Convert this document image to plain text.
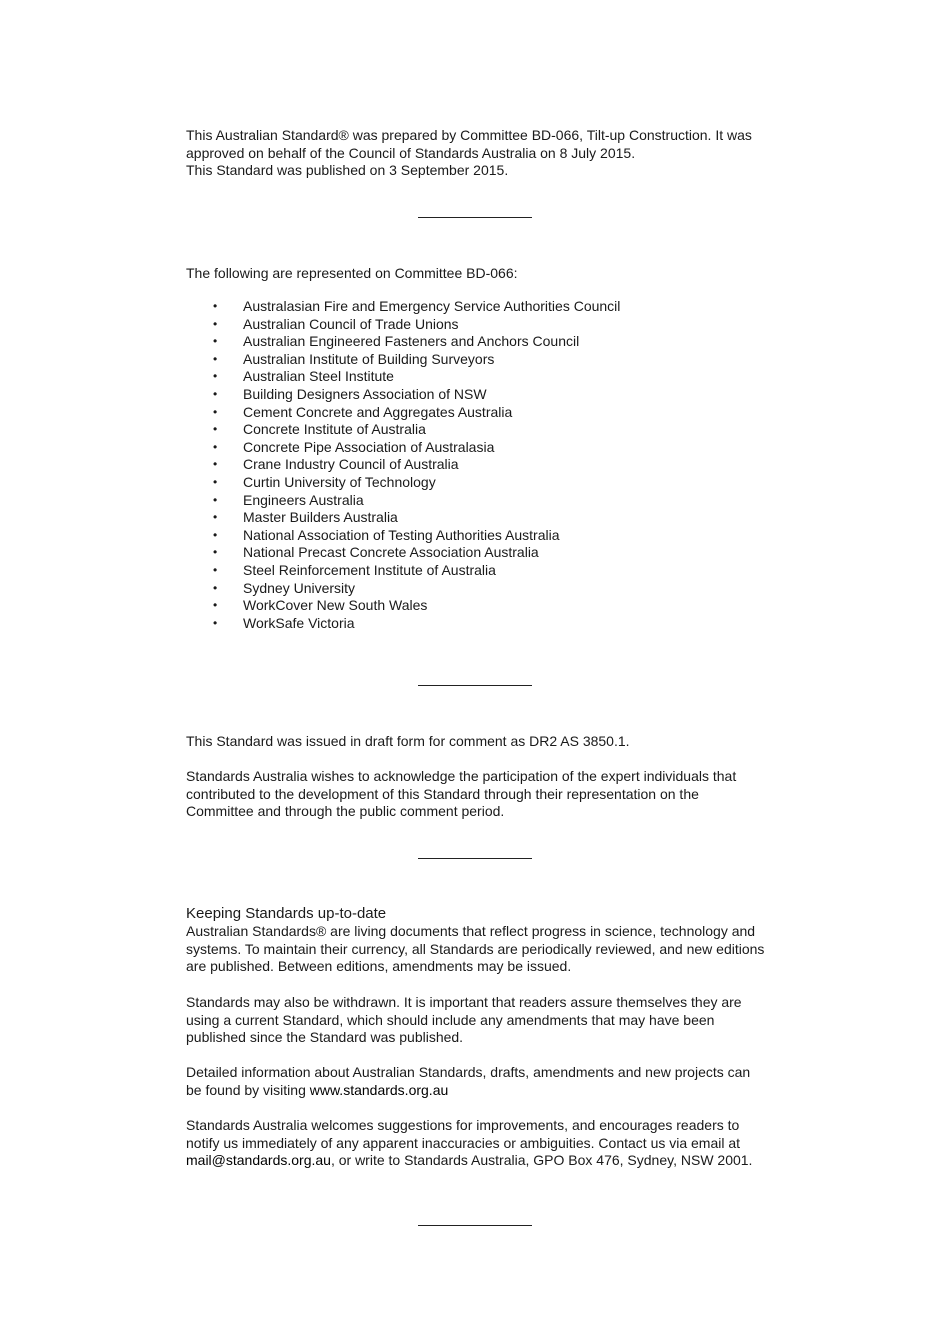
This Australian Standard® was prepared by Committee BD-066, Tilt-up Construction. It was

approved on behalf of the Council of Standards Australia on 8 July 2015.

This Standard was published on 3 September 2015.

The following are represented on Committee BD-066:

• Australasian Fire and Emergency Service Authorities Council
• Australian Council of Trade Unions
• Australian Engineered Fasteners and Anchors Council
• Australian Institute of Building Surveyors
• Australian Steel Institute
• Building Designers Association of NSW
• Cement Concrete and Aggregates Australia
• Concrete Institute of Australia
• Concrete Pipe Association of Australasia
• Crane Industry Council of Australia
• Curtin University of Technology
• Engineers Australia
• Master Builders Australia
• National Association of Testing Authorities Australia
• National Precast Concrete Association Australia
• Steel Reinforcement Institute of Australia
• Sydney University
• WorkCover New South Wales
• WorkSafe Victoria

This Standard was issued in draft form for comment as DR2 AS 3850.1.

Standards Australia wishes to acknowledge the participation of the expert individuals that

contributed to the development of this Standard through their representation on the

Committee and through the public comment period.

Keeping Standards up-to-date

Australian Standards® are living documents that reflect progress in science, technology and

systems. To maintain their currency, all Standards are periodically reviewed, and new editions

are published. Between editions, amendments may be issued.

Standards may also be withdrawn. It is important that readers assure themselves they are

using a current Standard, which should include any amendments that may have been

published since the Standard was published.

Detailed information about Australian Standards, drafts, amendments and new projects can

be found by visiting www.standards.org.au

Standards Australia welcomes suggestions for improvements, and encourages readers to

notify us immediately of any apparent inaccuracies or ambiguities. Contact us via email at

mail@standards.org.au, or write to Standards Australia, GPO Box 476, Sydney, NSW 2001.
